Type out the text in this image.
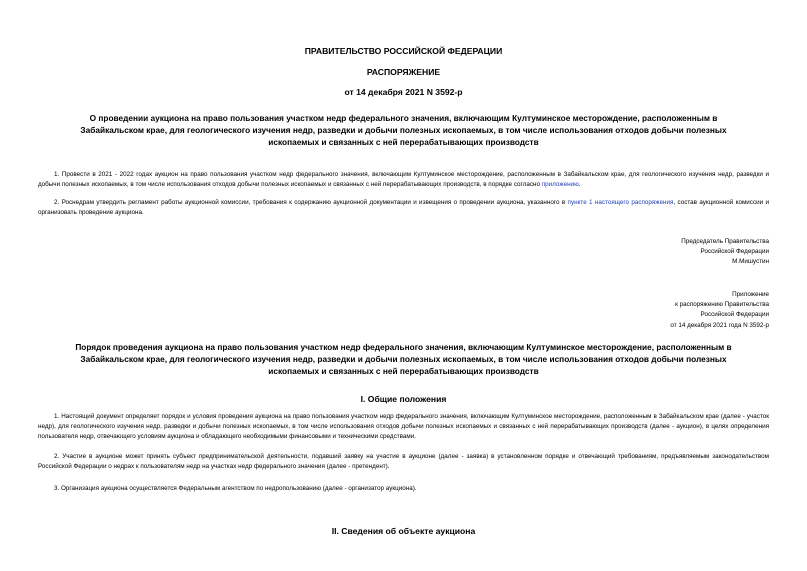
ПРАВИТЕЛЬСТВО РОССИЙСКОЙ ФЕДЕРАЦИИ
РАСПОРЯЖЕНИЕ
от 14 декабря 2021 N 3592-р
О проведении аукциона на право пользования участком недр федерального значения, включающим Култуминское месторождение, расположенным в Забайкальском крае, для геологического изучения недр, разведки и добычи полезных ископаемых, в том числе использования отходов добычи полезных ископаемых и связанных с ней перерабатывающих производств
1. Провести в 2021 - 2022 годах аукцион на право пользования участком недр федерального значения, включающим Култуминское месторождение, расположенным в Забайкальском крае, для геологического изучения недр, разведки и добычи полезных ископаемых, в том числе использования отходов добычи полезных ископаемых и связанных с ней перерабатывающих производств, в порядке согласно приложению.
2. Роснедрам утвердить регламент работы аукционной комиссии, требования к содержанию аукционной документации и извещения о проведении аукциона, указанного в пункте 1 настоящего распоряжения, состав аукционной комиссии и организовать проведение аукциона.
Председатель Правительства
Российской Федерации
М.Мишустин
Приложение
к распоряжению Правительства
Российской Федерации
от 14 декабря 2021 года N 3592-р
Порядок проведения аукциона на право пользования участком недр федерального значения, включающим Култуминское месторождение, расположенным в Забайкальском крае, для геологического изучения недр, разведки и добычи полезных ископаемых, в том числе использования отходов добычи полезных ископаемых и связанных с ней перерабатывающих производств
I. Общие положения
1. Настоящий документ определяет порядок и условия проведения аукциона на право пользования участком недр федерального значения, включающим Култуминское месторождение, расположенным в Забайкальском крае (далее - участок недр), для геологического изучения недр, разведки и добычи полезных ископаемых, в том числе использования отходов добычи полезных ископаемых и связанных с ней перерабатывающих производств (далее - аукцион), в целях определения пользователя недр, отвечающего условиям аукциона и обладающего необходимыми финансовыми и техническими средствами.
2. Участие в аукционе может принять субъект предпринимательской деятельности, подавший заявку на участие в аукционе (далее - заявка) в установленном порядке и отвечающий требованиям, предъявляемым законодательством Российской Федерации о недрах к пользователям недр на участках недр федерального значения (далее - претендент).
3. Организация аукциона осуществляется Федеральным агентством по недропользованию (далее - организатор аукциона).
II. Сведения об объекте аукциона
